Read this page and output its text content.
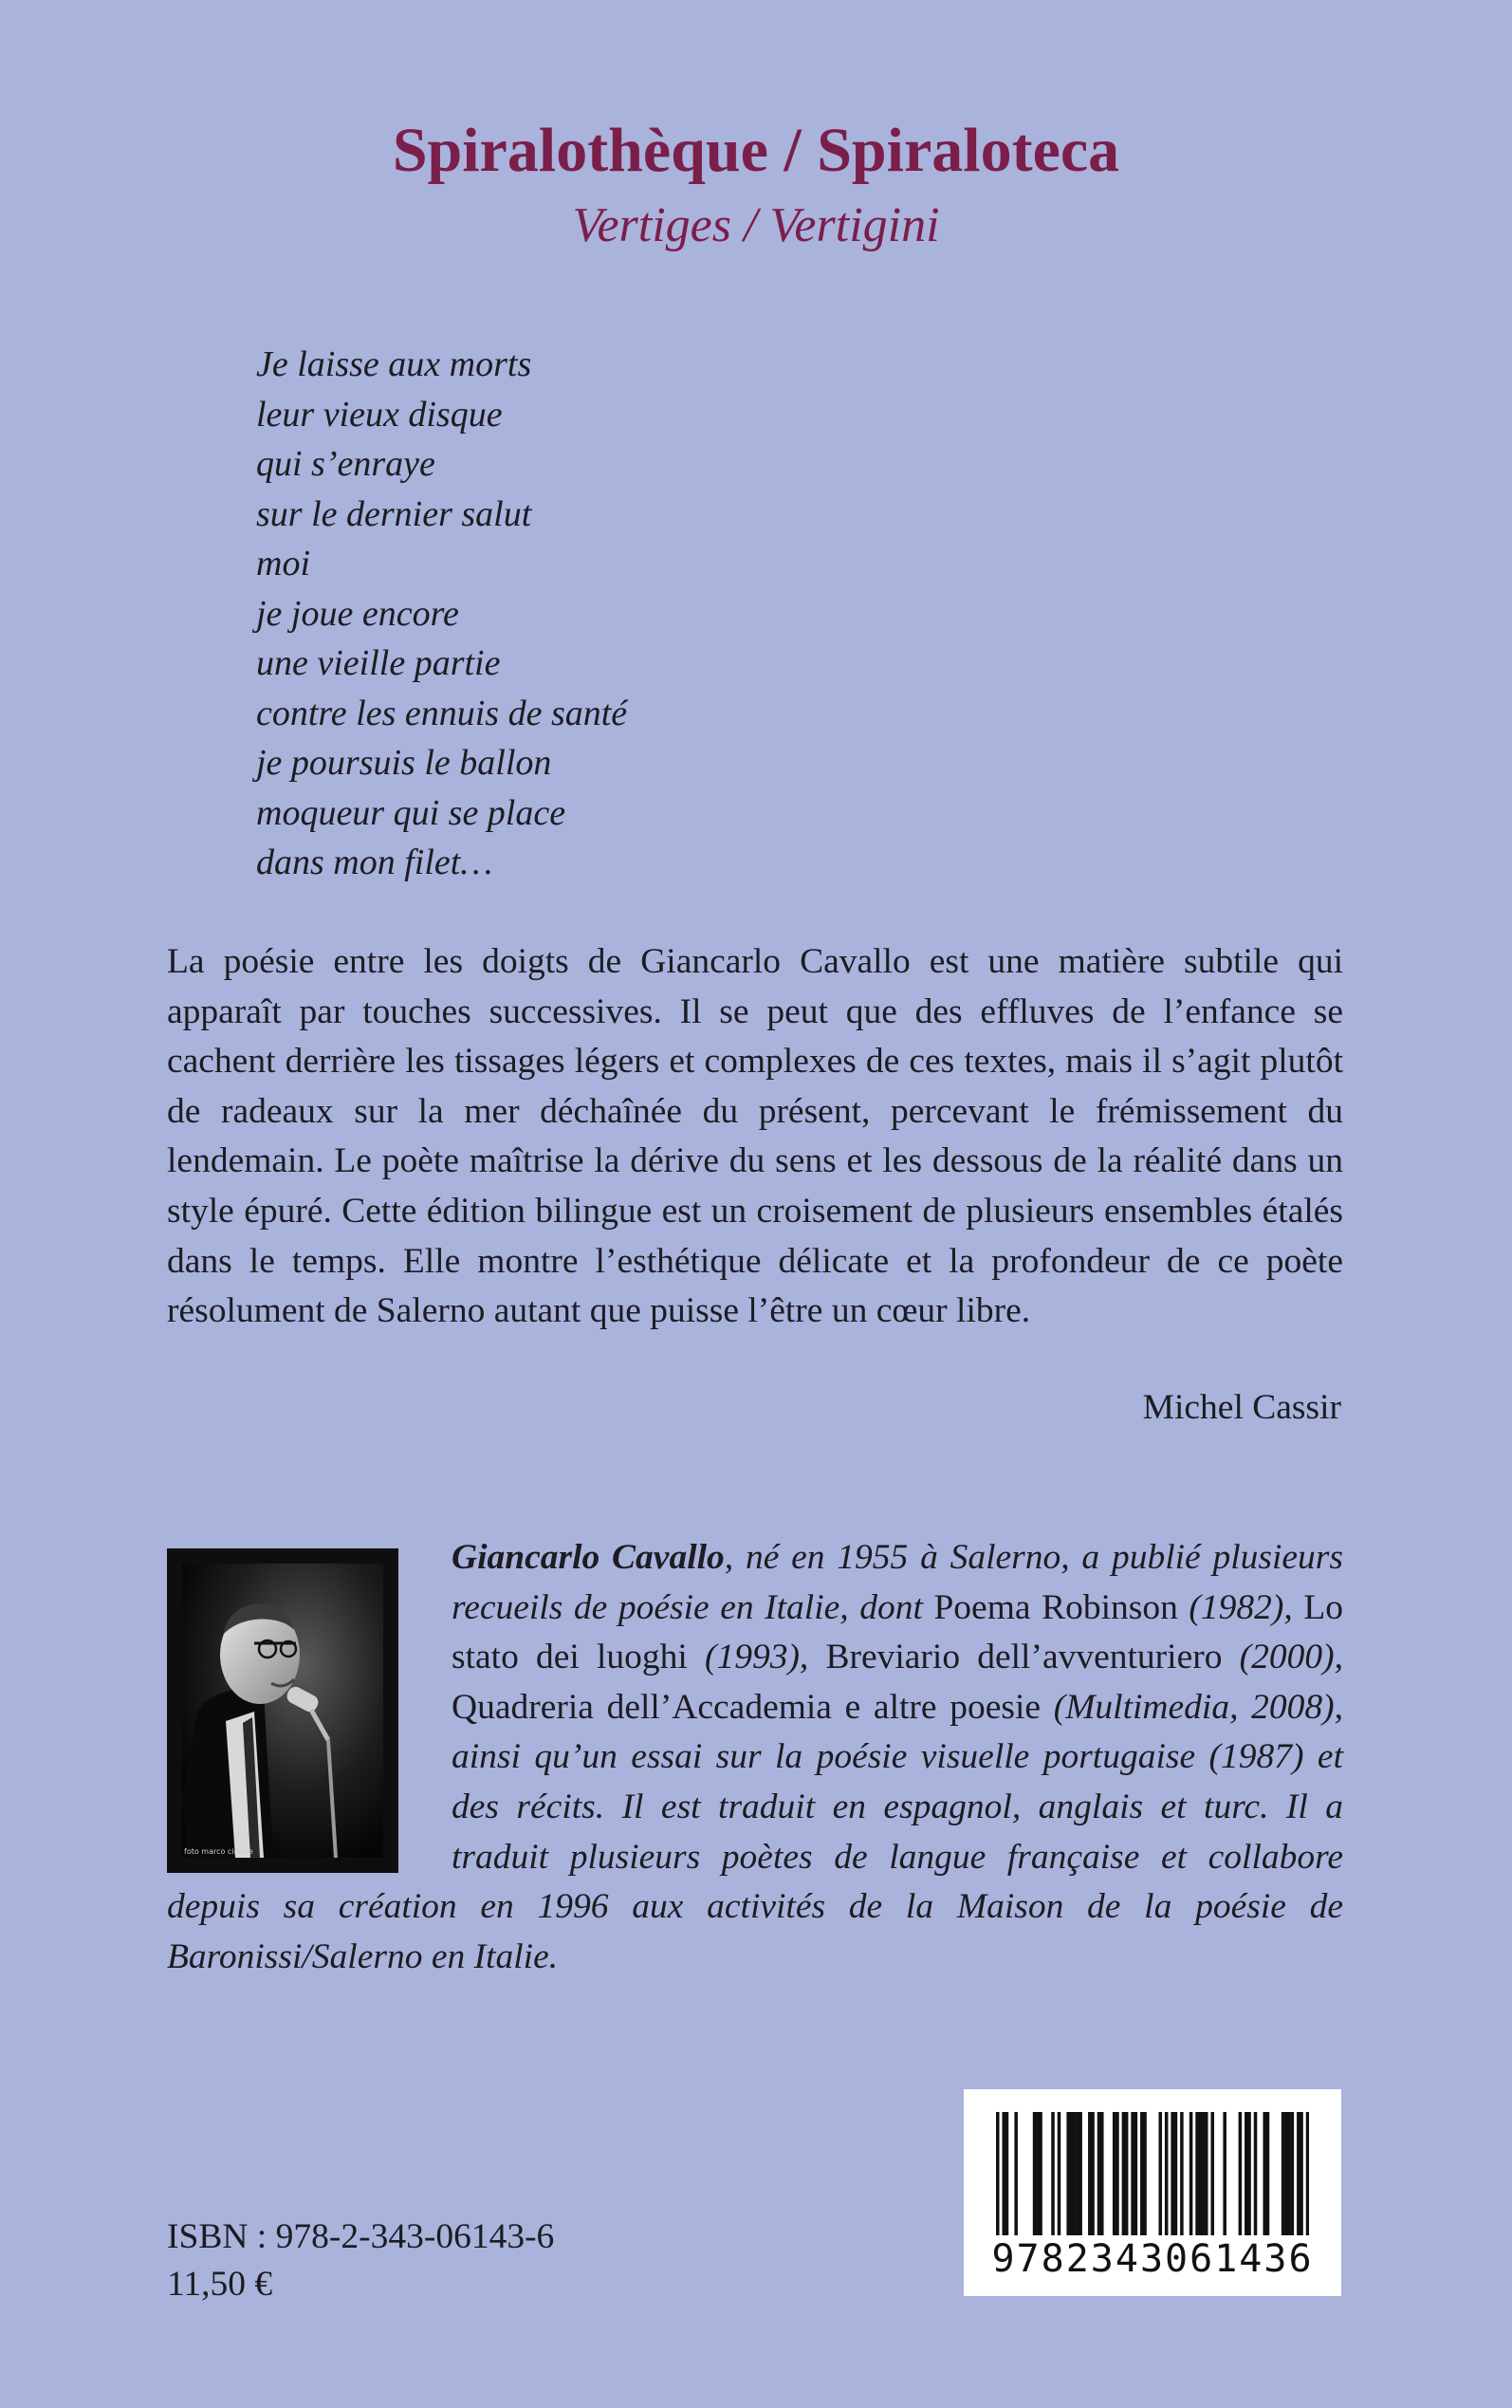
Spiralothèque / Spiraloteca
Vertiges / Vertigini
Je laisse aux morts
leur vieux disque
qui s’enraye
sur le dernier salut
moi
je joue encore
une vieille partie
contre les ennuis de santé
je poursuis le ballon
moqueur qui se place
dans mon filet…
La poésie entre les doigts de Giancarlo Cavallo est une matière subtile qui apparaît par touches successives. Il se peut que des effluves de l’enfance se cachent derrière les tissages légers et complexes de ces textes, mais il s’agit plutôt de radeaux sur la mer déchaînée du présent, percevant le frémissement du lendemain. Le poète maîtrise la dérive du sens et les dessous de la réalité dans un style épuré. Cette édition bilingue est un croisement de plusieurs ensembles étalés dans le temps. Elle montre l’esthétique délicate et la profondeur de ce poète résolument de Salerno autant que puisse l’être un cœur libre.
Michel Cassir
Giancarlo Cavallo, né en 1955 à Salerno, a publié plusieurs recueils de poésie en Italie, dont Poema Robinson (1982), Lo stato dei luoghi (1993), Breviario dell’avventuriero (2000), Quadreria dell’Accademia e altre poesie (Multimedia, 2008), ainsi qu’un essai sur la poésie visuelle portugaise (1987) et des récits. Il est traduit en espagnol, anglais et turc. Il a traduit plusieurs poètes de langue française et collabore depuis sa création en 1996 aux activités de la Maison de la poésie de Baronissi/Salerno en Italie.
foto marco cinque
ISBN : 978-2-343-06143-6
11,50 €
9782343061436
